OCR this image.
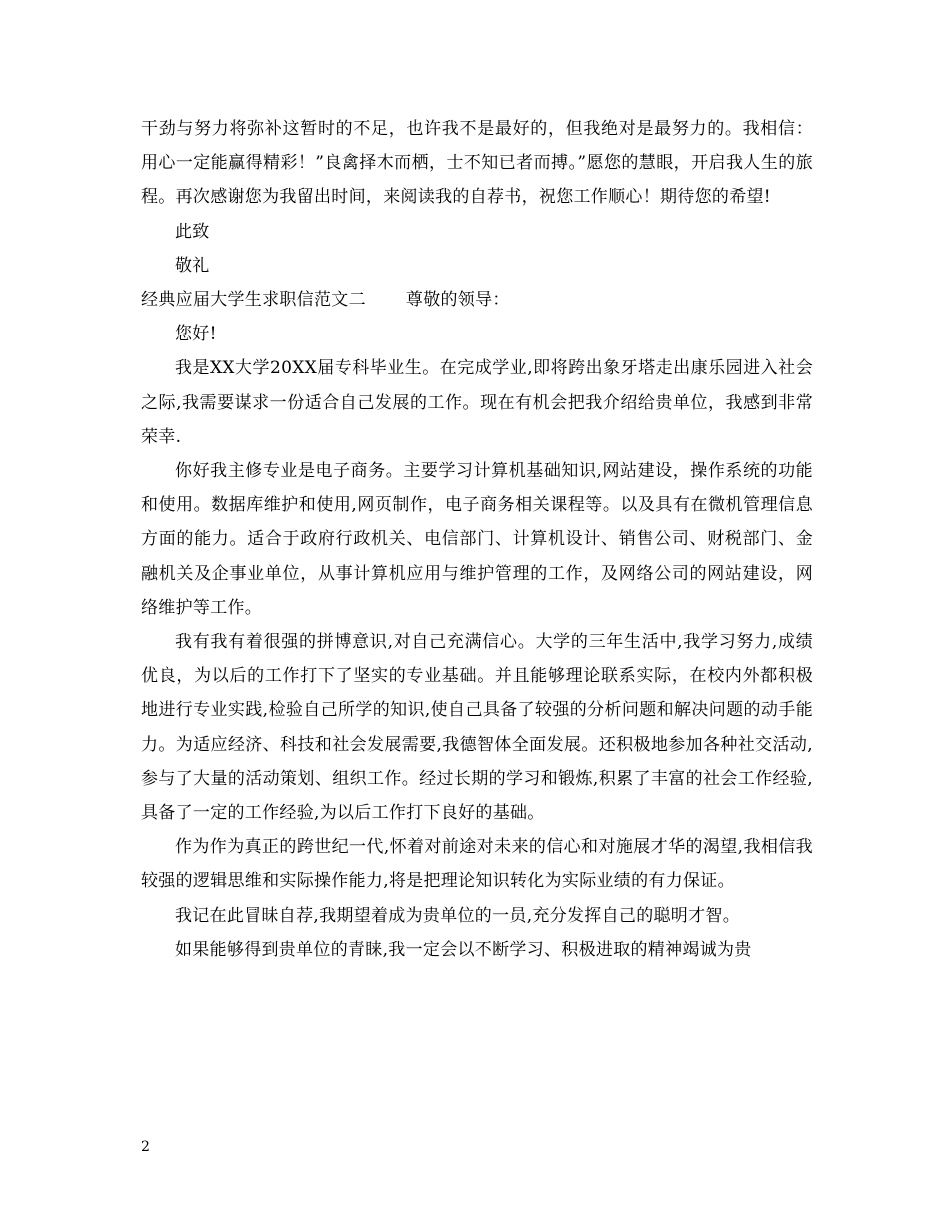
干劲与努力将弥补这暂时的不足，也许我不是最好的，但我绝对是最努力的。我相信：用心一定能赢得精彩！”良禽择木而栖，士不知已者而搏。”愿您的慧眼，开启我人生的旅程。再次感谢您为我留出时间，来阅读我的自荐书，祝您工作顺心！期待您的希望!

此致

敬礼

经典应届大学生求职信范文二 尊敬的领导：

您好!

我是XX大学20XX届专科毕业生。在完成学业,即将跨出象牙塔走出康乐园进入社会之际,我需要谋求一份适合自己发展的工作。现在有机会把我介绍给贵单位，我感到非常荣幸.

你好我主修专业是电子商务。主要学习计算机基础知识,网站建设，操作系统的功能和使用。数据库维护和使用,网页制作，电子商务相关课程等。以及具有在微机管理信息方面的能力。适合于政府行政机关、电信部门、计算机设计、销售公司、财税部门、金融机关及企事业单位，从事计算机应用与维护管理的工作，及网络公司的网站建设，网络维护等工作。

我有我有着很强的拼博意识,对自己充满信心。大学的三年生活中,我学习努力,成绩优良，为以后的工作打下了坚实的专业基础。并且能够理论联系实际，在校内外都积极地进行专业实践,检验自己所学的知识,使自己具备了较强的分析问题和解决问题的动手能力。为适应经济、科技和社会发展需要,我德智体全面发展。还积极地参加各种社交活动,参与了大量的活动策划、组织工作。经过长期的学习和锻炼,积累了丰富的社会工作经验,具备了一定的工作经验,为以后工作打下良好的基础。

作为作为真正的跨世纪一代,怀着对前途对未来的信心和对施展才华的渴望,我相信我较强的逻辑思维和实际操作能力,将是把理论知识转化为实际业绩的有力保证。

我记在此冒昧自荐,我期望着成为贵单位的一员,充分发挥自己的聪明才智。

如果能够得到贵单位的青睐,我一定会以不断学习、积极进取的精神竭诚为贵

2
